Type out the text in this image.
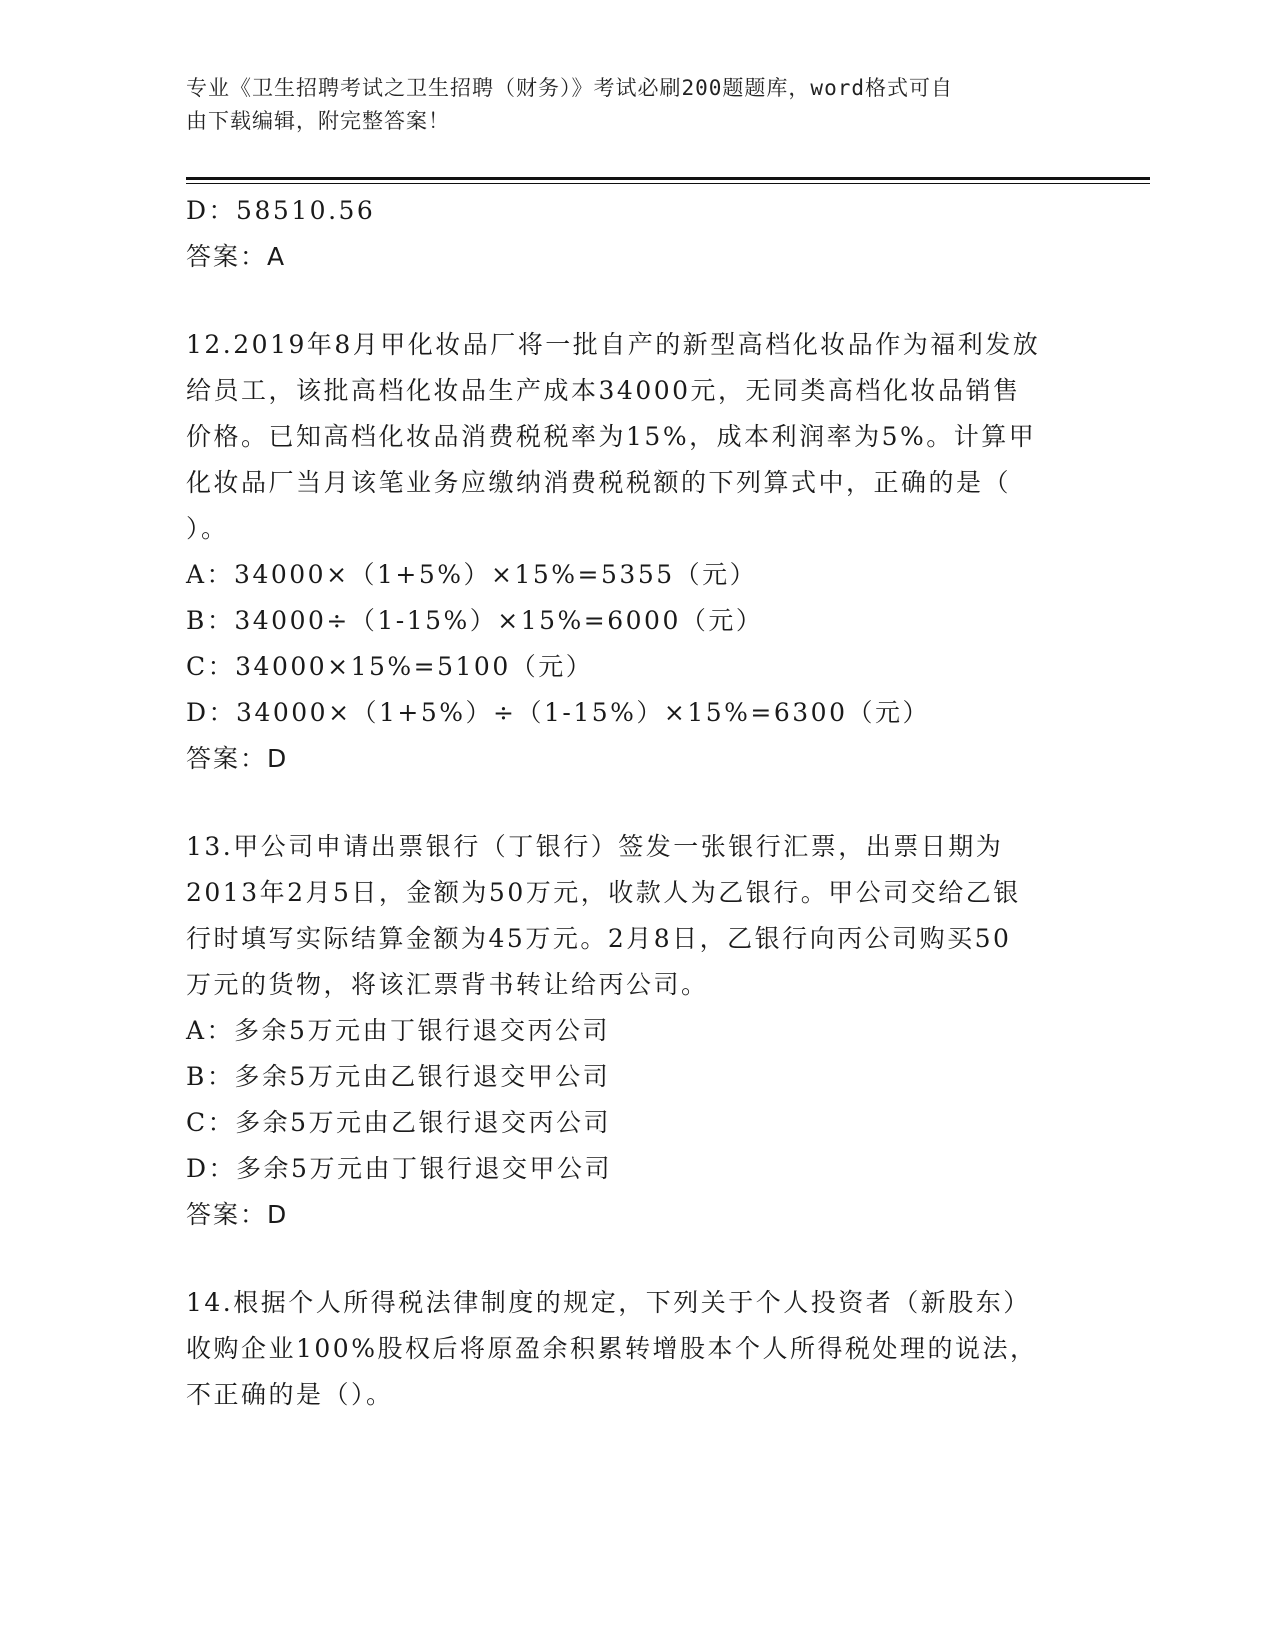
专业《卫生招聘考试之卫生招聘（财务）》考试必刷200题题库，word格式可自
由下载编辑，附完整答案！
D：58510.56
答案：A
12.2019年8月甲化妆品厂将一批自产的新型高档化妆品作为福利发放
给员工，该批高档化妆品生产成本34000元，无同类高档化妆品销售
价格。已知高档化妆品消费税税率为15%，成本利润率为5%。计算甲
化妆品厂当月该笔业务应缴纳消费税税额的下列算式中，正确的是（
）。
A：34000×（1+5%）×15%=5355（元）
B：34000÷（1-15%）×15%=6000（元）
C：34000×15%=5100（元）
D：34000×（1+5%）÷（1-15%）×15%=6300（元）
答案：D
13.甲公司申请出票银行（丁银行）签发一张银行汇票，出票日期为
2013年2月5日，金额为50万元，收款人为乙银行。甲公司交给乙银
行时填写实际结算金额为45万元。2月8日，乙银行向丙公司购买50
万元的货物，将该汇票背书转让给丙公司。
A：多余5万元由丁银行退交丙公司
B：多余5万元由乙银行退交甲公司
C：多余5万元由乙银行退交丙公司
D：多余5万元由丁银行退交甲公司
答案：D
14.根据个人所得税法律制度的规定，下列关于个人投资者（新股东）
收购企业100%股权后将原盈余积累转增股本个人所得税处理的说法，
不正确的是（）。
